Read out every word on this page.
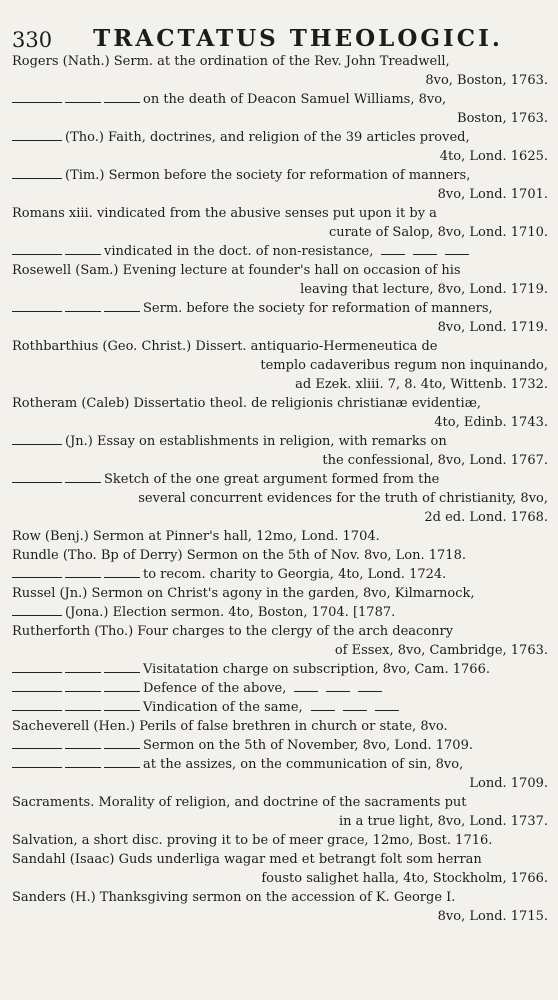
330	TRACTATUS THEOLOGICI.
Rogers (Nath.) Serm. at the ordination of the Rev. John Treadwell,
8vo, Boston, 1763.
on the death of Deacon Samuel Williams, 8vo,
Boston, 1763.
(Tho.) Faith, doctrines, and religion of the 39 articles proved,
4to, Lond. 1625.
(Tim.) Sermon before the society for reformation of manners,
8vo, Lond. 1701.
Romans xiii. vindicated from the abusive senses put upon it by a
curate of Salop, 8vo, Lond. 1710.
vindicated in the doct. of non-resistance,
Rosewell (Sam.) Evening lecture at founder's hall on occasion of his
leaving that lecture, 8vo, Lond. 1719.
Serm. before the society for reformation of manners,
8vo, Lond. 1719.
Rothbarthius (Geo. Christ.) Dissert. antiquario-Hermeneutica de
templo cadaveribus regum non inquinando,
ad Ezek. xliii. 7, 8. 4to, Wittenb. 1732.
Rotheram (Caleb) Dissertatio theol. de religionis christianæ evidentiæ,
4to, Edinb. 1743.
(Jn.) Essay on establishments in religion, with remarks on
the confessional, 8vo, Lond. 1767.
Sketch of the one great argument formed from the
several concurrent evidences for the truth of christianity, 8vo,
2d ed. Lond. 1768.
Row (Benj.) Sermon at Pinner's hall, 12mo, Lond. 1704.
Rundle (Tho. Bp of Derry) Sermon on the 5th of Nov. 8vo, Lon. 1718.
to recom. charity to Georgia, 4to, Lond. 1724.
Russel (Jn.) Sermon on Christ's agony in the garden, 8vo, Kilmarnock,
(Jona.) Election sermon. 4to, Boston, 1704. [1787.
Rutherforth (Tho.) Four charges to the clergy of the arch deaconry
of Essex, 8vo, Cambridge, 1763.
Visitatation charge on subscription, 8vo, Cam. 1766.
Defence of the above,
Vindication of the same,
Sacheverell (Hen.) Perils of false brethren in church or state, 8vo.
Sermon on the 5th of November, 8vo, Lond. 1709.
at the assizes, on the communication of sin, 8vo,
Lond. 1709.
Sacraments. Morality of religion, and doctrine of the sacraments put
in a true light, 8vo, Lond. 1737.
Salvation, a short disc. proving it to be of meer grace, 12mo, Bost. 1716.
Sandahl (Isaac) Guds underliga wagar med et betrangt folt som herran
fousto salighet halla, 4to, Stockholm, 1766.
Sanders (H.) Thanksgiving sermon on the accession of K. George I.
8vo, Lond. 1715.
